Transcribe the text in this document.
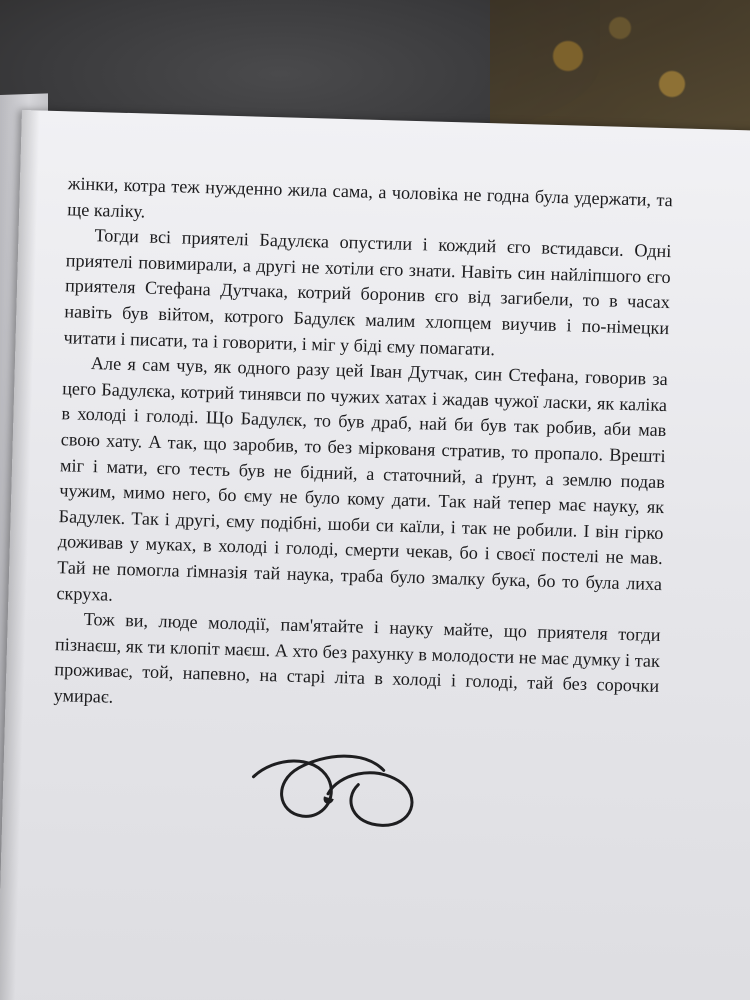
жінки, котра теж нужденно жила сама, а чоловіка не годна була удержати, та ще каліку.

Тогди всі приятелі Бадулєка опустили і кождий єго встидавси. Одні приятелі повимирали, а другі не хотіли єго знати. Навіть син найліпшого єго приятеля Стефана Дутчака, котрий боронив єго від загибели, то в часах навіть був війтом, котрого Бадулєк малим хлопцем виучив і по-німецки читати і писати, та і говорити, і міг у біді єму помагати.

Але я сам чув, як одного разу цей Іван Дутчак, син Стефана, говорив за цего Бадулєка, котрий тинявси по чужих хатах і жадав чужої ласки, як каліка в холоді і голоді. Що Бадулєк, то був драб, най би був так робив, аби мав свою хату. А так, що заробив, то без міркованя стратив, то пропало. Врешті міг і мати, єго тесть був не бідний, а статочний, а ґрунт, а землю подав чужим, мимо него, бо єму не було кому дати. Так най тепер має науку, як Бадулек. Так і другі, єму подібні, шоби си каїли, і так не робили. І він гірко доживав у муках, в холоді і голоді, смерти чекав, бо і своєї постелі не мав. Тай не помогла ґімназія тай наука, траба було змалку бука, бо то була лиха скруха.

Тож ви, люде молодії, пам'ятайте і науку майте, що приятеля тогди пізнаєш, як ти клопіт маєш. А хто без рахунку в молодости не має думку і так проживає, той, напевно, на старі літа в холоді і голоді, тай без сорочки умирає.
